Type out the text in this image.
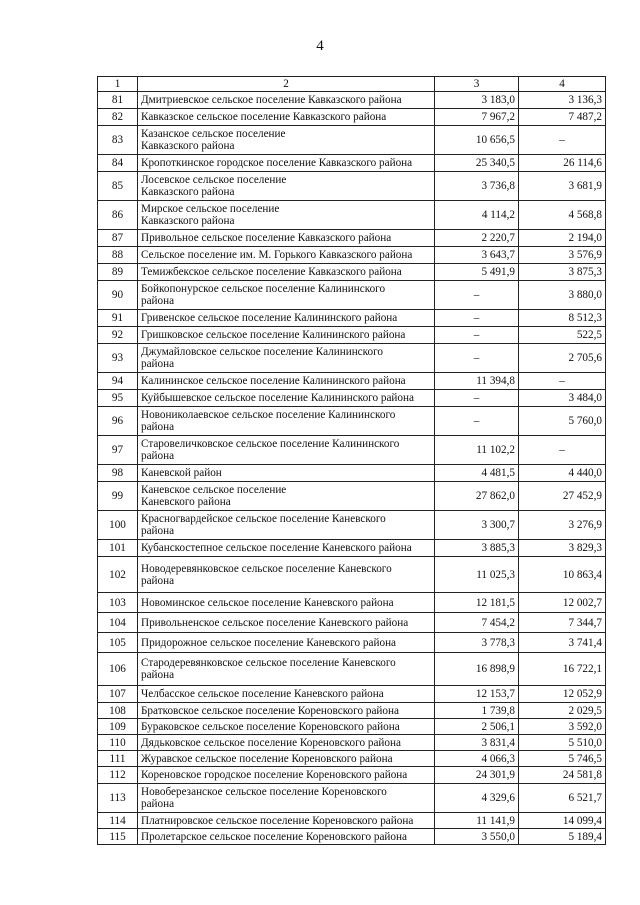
4
1	2	3	4
81	Дмитриевское сельское поселение Кавказского района	3 183,0	3 136,3
82	Кавказское сельское поселение Кавказского района	7 967,2	7 487,2
83	Казанское сельское поселение
Кавказского района	10 656,5	–
84	Кропоткинское городское поселение Кавказского района	25 340,5	26 114,6
85	Лосевское сельское поселение
Кавказского района	3 736,8	3 681,9
86	Мирское сельское поселение
Кавказского района	4 114,2	4 568,8
87	Привольное сельское поселение Кавказского района	2 220,7	2 194,0
88	Сельское поселение им. М. Горького Кавказского района	3 643,7	3 576,9
89	Темижбекское сельское поселение Кавказского района	5 491,9	3 875,3
90	Бойкопонурское сельское поселение Калининского
района	–	3 880,0
91	Гривенское сельское поселение Калининского района	–	8 512,3
92	Гришковское сельское поселение Калининского района	–	522,5
93	Джумайловское сельское поселение Калининского
района	–	2 705,6
94	Калининское сельское поселение Калининского района	11 394,8	–
95	Куйбышевское сельское поселение Калининского района	–	3 484,0
96	Новониколаевское сельское поселение Калининского
района	–	5 760,0
97	Старовеличковское сельское поселение Калининского
района	11 102,2	–
98	Каневской район	4 481,5	4 440,0
99	Каневское сельское поселение
Каневского района	27 862,0	27 452,9
100	Красногвардейское сельское поселение Каневского
района	3 300,7	3 276,9
101	Кубанскостепное сельское поселение Каневского района	3 885,3	3 829,3
102	Новодеревянковское сельское поселение Каневского
района	11 025,3	10 863,4
103	Новоминское сельское поселение Каневского района	12 181,5	12 002,7
104	Привольненское сельское поселение Каневского района	7 454,2	7 344,7
105	Придорожное сельское поселение Каневского района	3 778,3	3 741,4
106	Стародеревянковское сельское поселение Каневского
района	16 898,9	16 722,1
107	Челбасское сельское поселение Каневского района	12 153,7	12 052,9
108	Братковское сельское поселение Кореновского района	1 739,8	2 029,5
109	Бураковское сельское поселение Кореновского района	2 506,1	3 592,0
110	Дядьковское сельское поселение Кореновского района	3 831,4	5 510,0
111	Журавское сельское поселение Кореновского района	4 066,3	5 746,5
112	Кореновское городское поселение Кореновского района	24 301,9	24 581,8
113	Новоберезанское сельское поселение Кореновского
района	4 329,6	6 521,7
114	Платнировское сельское поселение Кореновского района	11 141,9	14 099,4
115	Пролетарское сельское поселение Кореновского района	3 550,0	5 189,4
